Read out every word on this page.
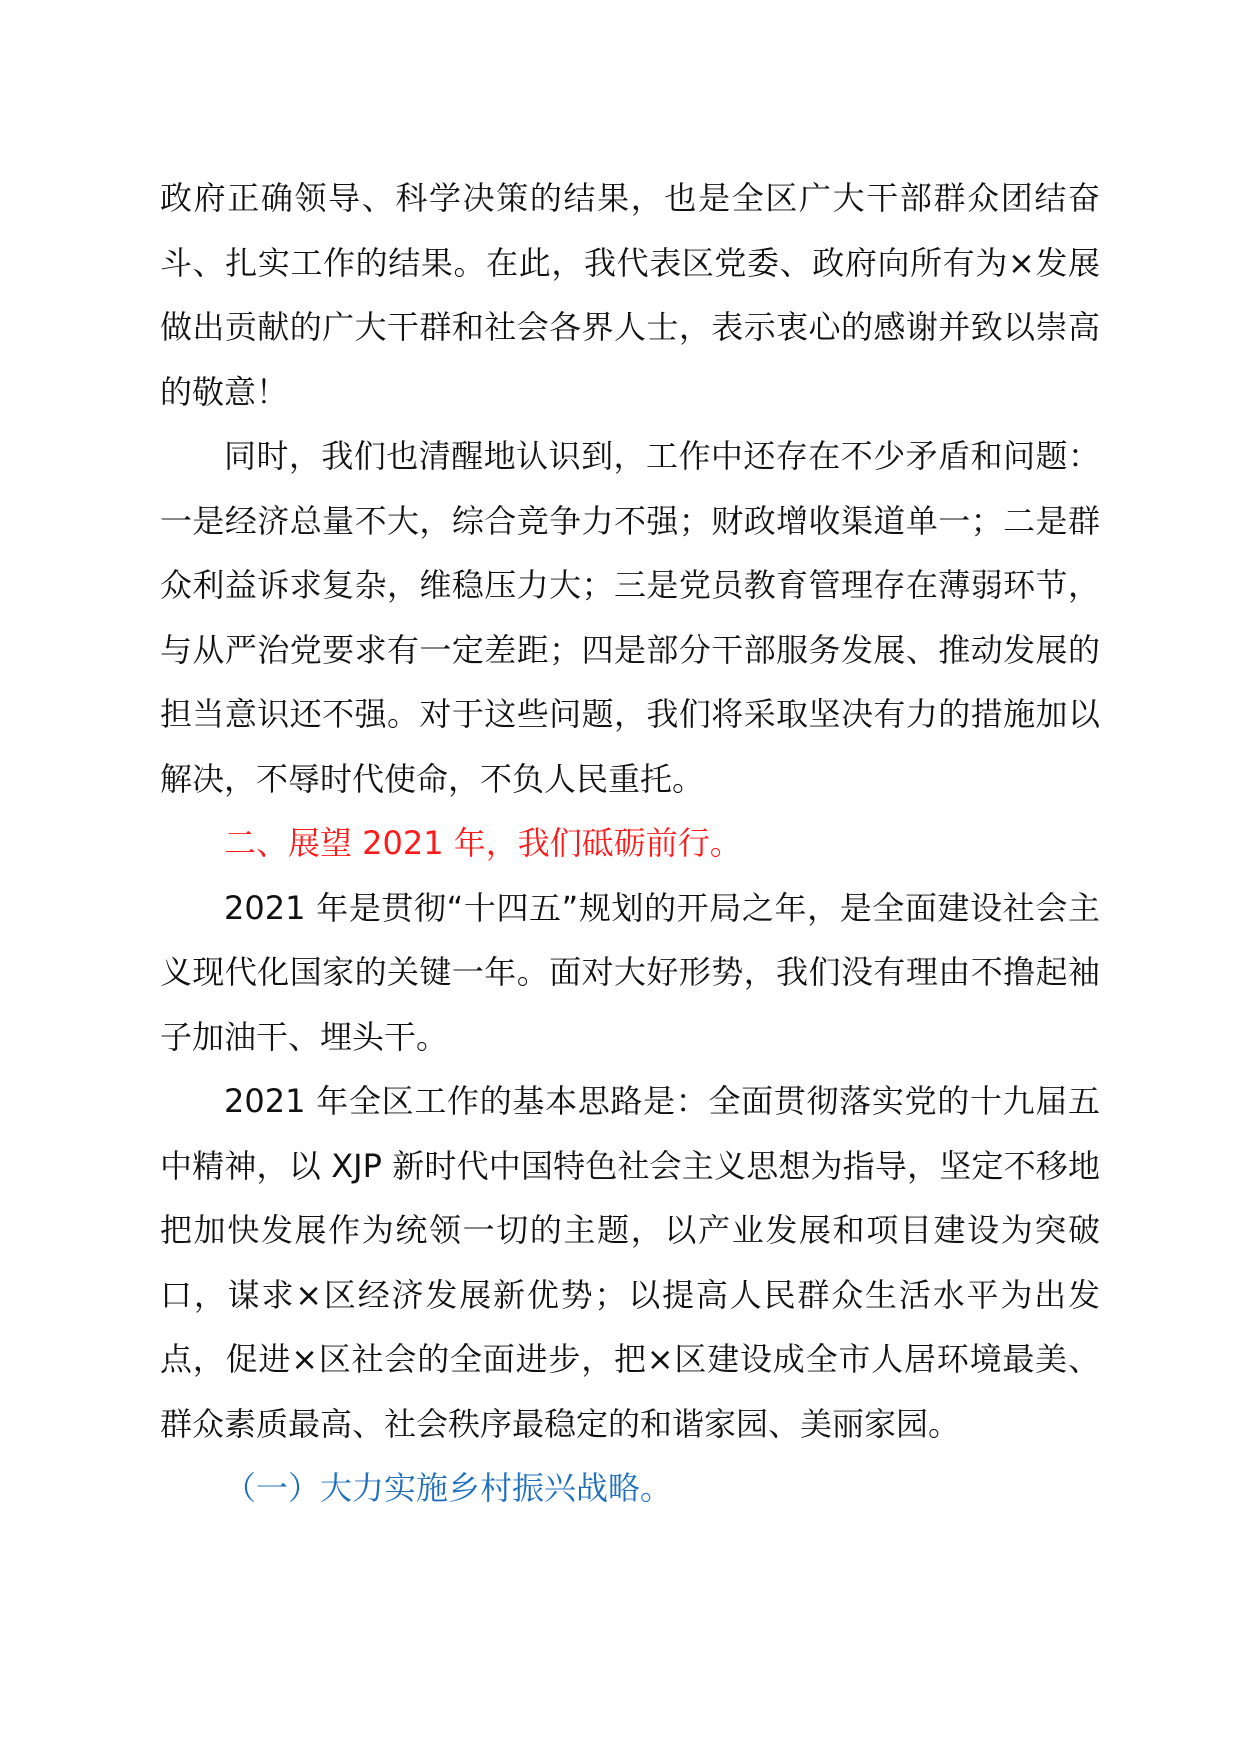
政府正确领导、科学决策的结果，也是全区广大干部群众团结奋斗、扎实工作的结果。在此，我代表区党委、政府向所有为×发展做出贡献的广大干群和社会各界人士，表示衷心的感谢并致以崇高的敬意！

同时，我们也清醒地认识到，工作中还存在不少矛盾和问题：一是经济总量不大，综合竞争力不强；财政增收渠道单一；二是群众利益诉求复杂，维稳压力大；三是党员教育管理存在薄弱环节，与从严治党要求有一定差距；四是部分干部服务发展、推动发展的担当意识还不强。对于这些问题，我们将采取坚决有力的措施加以解决，不辱时代使命，不负人民重托。

二、展望 2021 年，我们砥砺前行。

2021 年是贯彻“十四五”规划的开局之年，是全面建设社会主义现代化国家的关键一年。面对大好形势，我们没有理由不撸起袖子加油干、埋头干。

2021 年全区工作的基本思路是：全面贯彻落实党的十九届五中精神，以 XJP 新时代中国特色社会主义思想为指导，坚定不移地把加快发展作为统领一切的主题，以产业发展和项目建设为突破口，谋求×区经济发展新优势；以提高人民群众生活水平为出发点，促进×区社会的全面进步，把×区建设成全市人居环境最美、群众素质最高、社会秩序最稳定的和谐家园、美丽家园。

（一）大力实施乡村振兴战略。
